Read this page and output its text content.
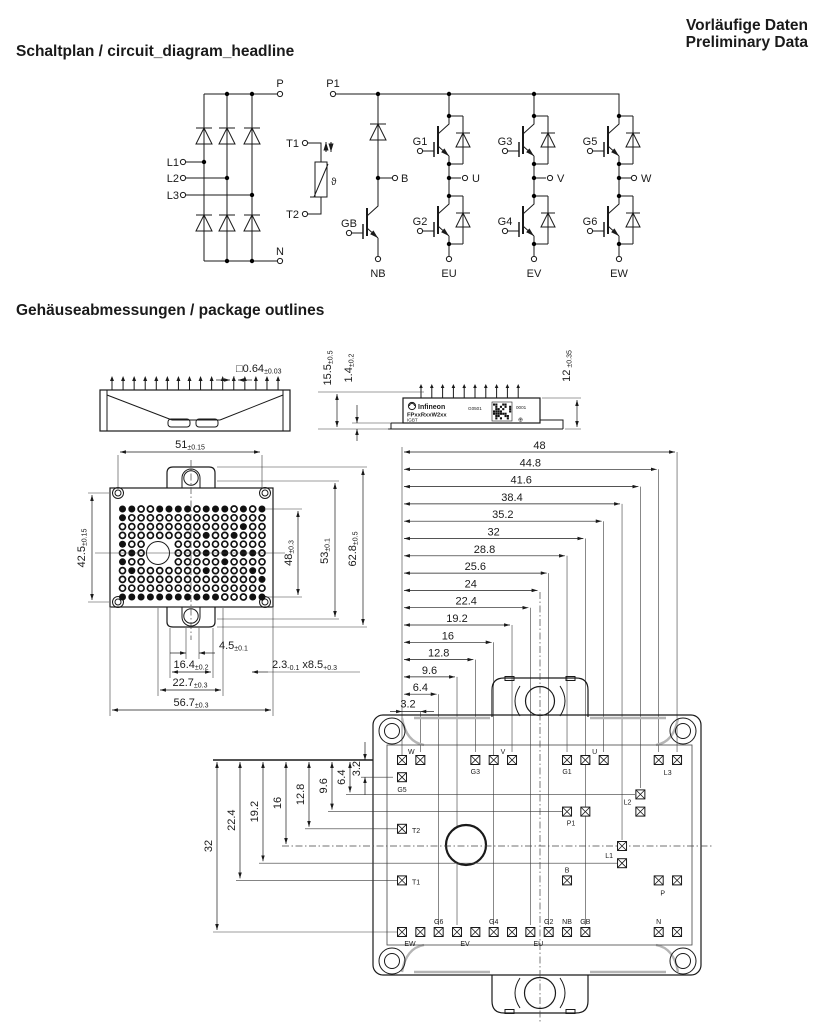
Vorläufige Daten
Preliminary Data
Schaltplan / circuit_diagram_headline
Gehäuseabmessungen / package outlines
L1
L2
L3
P
N
T1
T2
ϑ
P1
B
GB
NB
G1
G2
U
EU
G3
G4
V
EV
G5
G6
W
EW
□0.64±0.03
Infineon
FPxxRxxW2xx
IGBT
G0501	0001
⊕
15.5±0.5
1.4±0.2
12±0.35
51±0.15
42.5±0.15
48±0.3
53±0.1
62.8±0.5
4.5±0.1
16.4±0.2
22.7±0.3
56.7±0.3
2.3-0.1 x8.5+0.3
48
44.8
41.6
38.4
35.2
32
28.8
25.6
24
22.4
19.2
16
12.8
9.6
6.4
3.2
3.2
6.4
9.6
12.8
16
19.2
22.4
32
W
G3
V
G1
U
L3
G5
L2
P1
T2
L1
B
T1
P
EW
G6
EV
G4
EU
G2 NB GB	N
